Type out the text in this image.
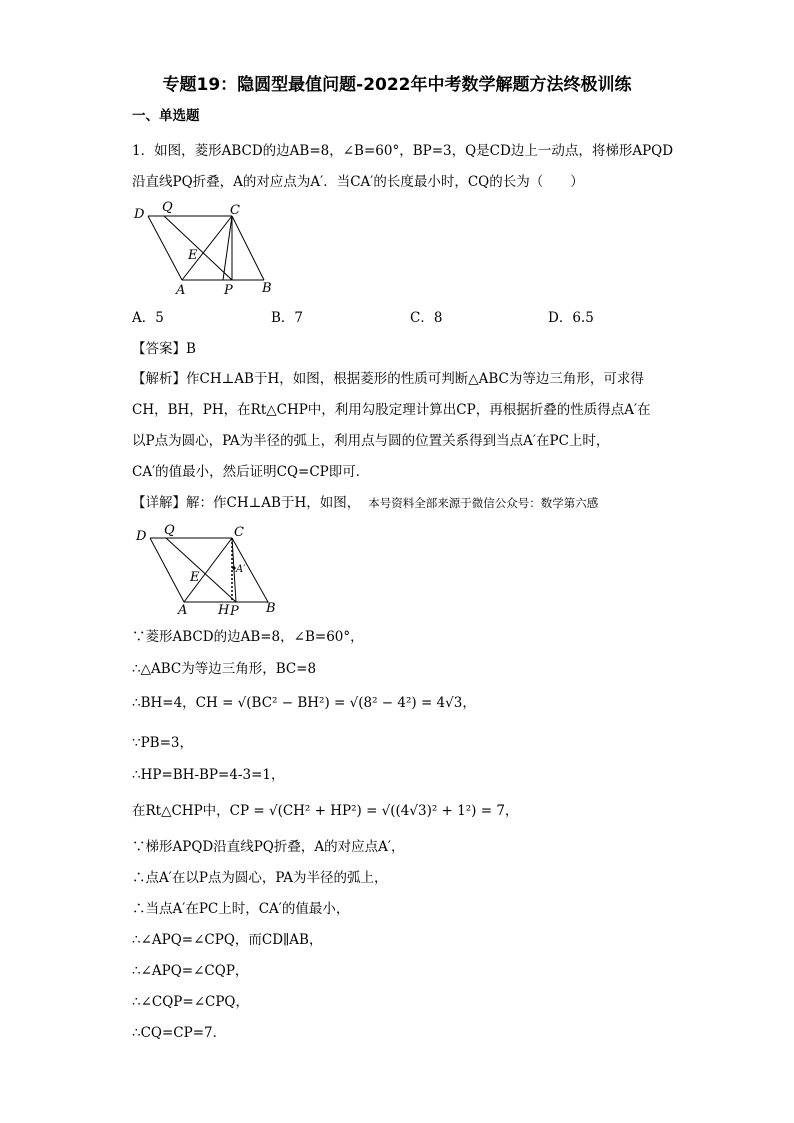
专题19：隐圆型最值问题-2022年中考数学解题方法终极训练
一、单选题
1．如图，菱形ABCD的边AB=8，∠B=60°，BP=3，Q是CD边上一动点，将梯形APQD
沿直线PQ折叠，A的对应点为A′．当CA′的长度最小时，CQ的长为（　　）
D Q	C
E
A	P B
A．5	B．7	C．8	D．6.5
【答案】B
【解析】作CH⊥AB于H，如图，根据菱形的性质可判断△ABC为等边三角形，可求得
CH，BH，PH，在Rt△CHP中，利用勾股定理计算出CP，再根据折叠的性质得点A′在
以P点为圆心，PA为半径的弧上，利用点与圆的位置关系得到当点A′在PC上时，
CA′的值最小，然后证明CQ=CP即可．
【详解】解：作CH⊥AB于H，如图， 本号资料全部来源于微信公众号：数学第六感
D Q	C
E
A′
A H P B
∵菱形ABCD的边AB=8，∠B=60°，
∴△ABC为等边三角形，BC=8
∴BH=4，CH = √(BC² − BH²) = √(8² − 4²) = 4√3，
∵PB=3，
∴HP=BH-BP=4-3=1，
在Rt△CHP中，CP = √(CH² + HP²) = √((4√3)² + 1²) = 7，
∵梯形APQD沿直线PQ折叠，A的对应点A′，
∴点A′在以P点为圆心，PA为半径的弧上，
∴当点A′在PC上时，CA′的值最小，
∴∠APQ=∠CPQ，而CD∥AB，
∴∠APQ=∠CQP，
∴∠CQP=∠CPQ，
∴CQ=CP=7．
